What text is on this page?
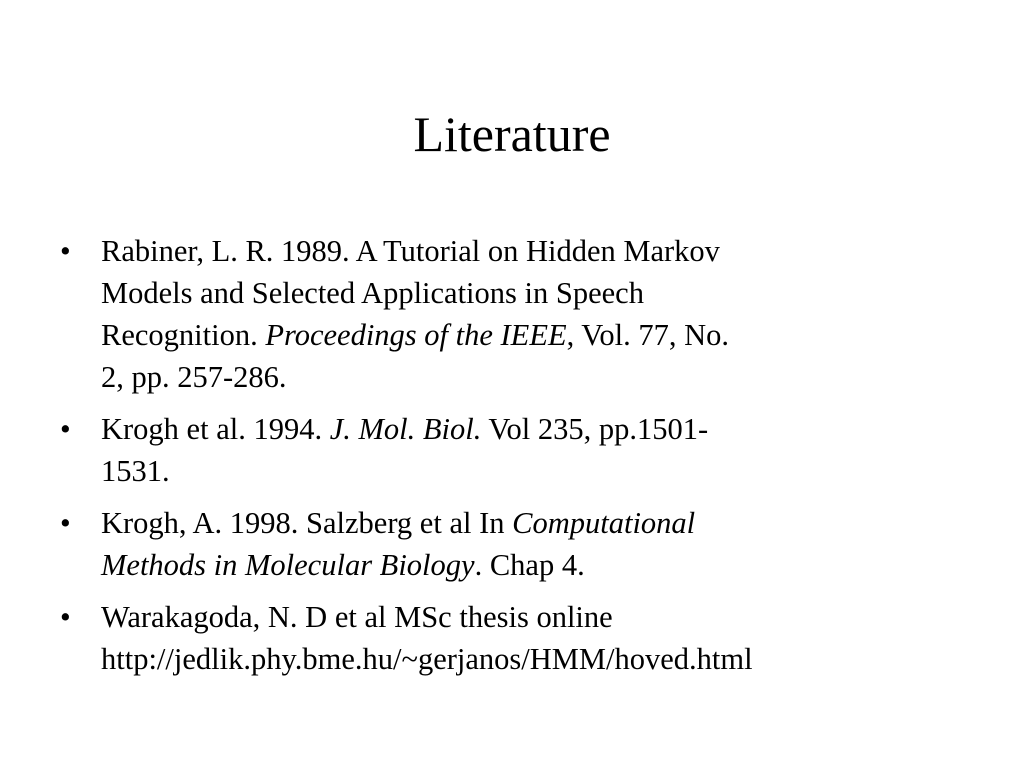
Literature
• Rabiner, L. R. 1989. A Tutorial on Hidden Markov
Models and Selected Applications in Speech
Recognition. Proceedings of the IEEE, Vol. 77, No.
2, pp. 257-286.
• Krogh et al. 1994. J. Mol. Biol. Vol 235, pp.1501-
1531.
• Krogh, A. 1998. Salzberg et al In Computational
Methods in Molecular Biology. Chap 4.
• Warakagoda, N. D et al MSc thesis online
http://jedlik.phy.bme.hu/~gerjanos/HMM/hoved.html
